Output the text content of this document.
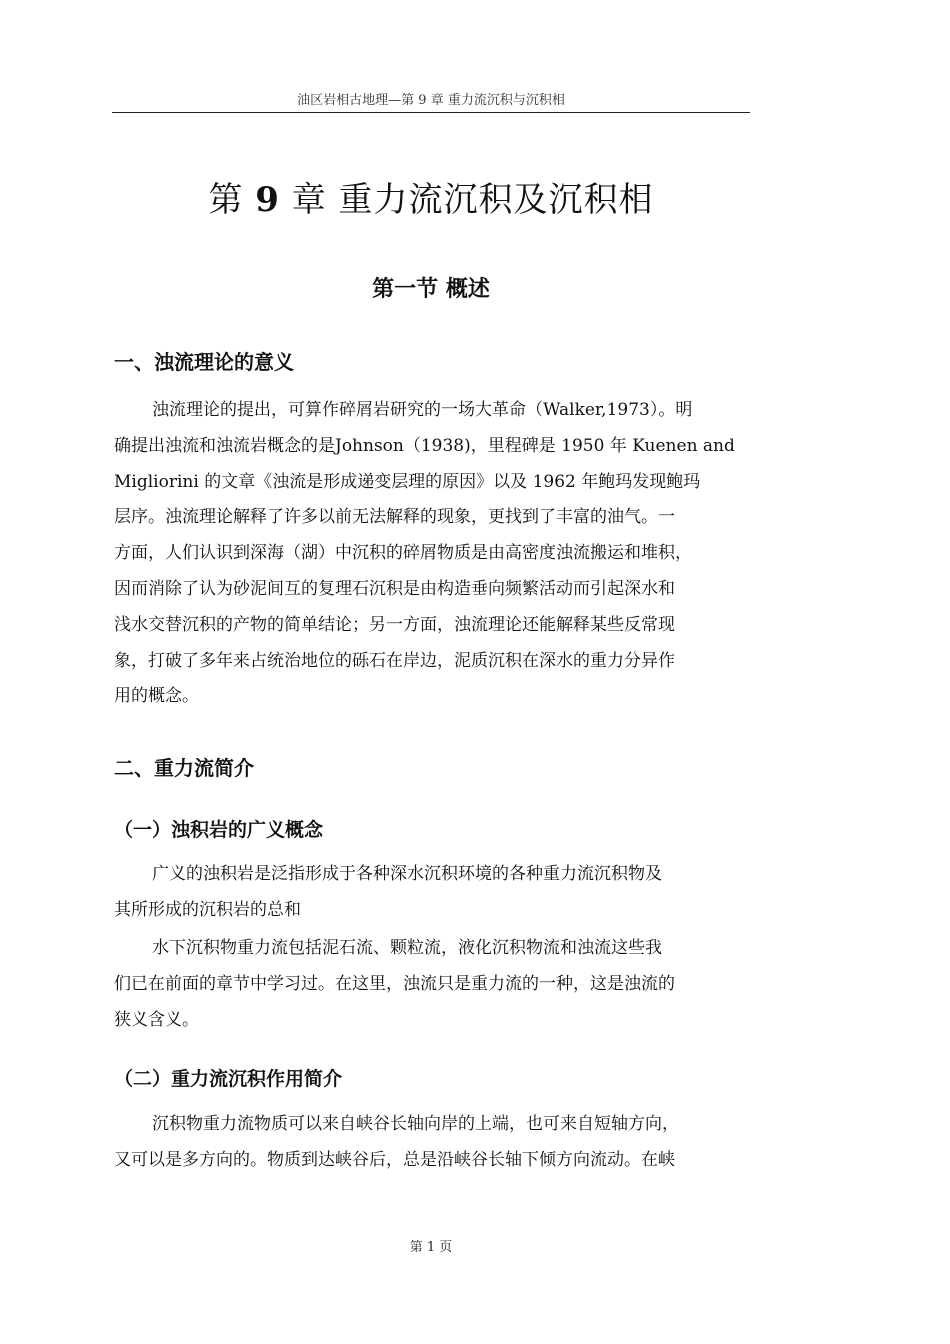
油区岩相古地理—第 9 章 重力流沉积与沉积相
第 9 章 重力流沉积及沉积相
第一节 概述
一、浊流理论的意义
浊流理论的提出，可算作碎屑岩研究的一场大革命（Walker,1973）。明
确提出浊流和浊流岩概念的是Johnson（1938)，里程碑是 1950 年 Kuenen and
Migliorini 的文章《浊流是形成递变层理的原因》以及 1962 年鲍玛发现鲍玛
层序。浊流理论解释了许多以前无法解释的现象，更找到了丰富的油气。一
方面，人们认识到深海（湖）中沉积的碎屑物质是由高密度浊流搬运和堆积，
因而消除了认为砂泥间互的复理石沉积是由构造垂向频繁活动而引起深水和
浅水交替沉积的产物的简单结论；另一方面，浊流理论还能解释某些反常现
象，打破了多年来占统治地位的砾石在岸边，泥质沉积在深水的重力分异作
用的概念。
二、重力流简介
（一）浊积岩的广义概念
广义的浊积岩是泛指形成于各种深水沉积环境的各种重力流沉积物及
其所形成的沉积岩的总和
水下沉积物重力流包括泥石流、颗粒流，液化沉积物流和浊流这些我
们已在前面的章节中学习过。在这里，浊流只是重力流的一种，这是浊流的
狭义含义。
（二）重力流沉积作用简介
沉积物重力流物质可以来自峡谷长轴向岸的上端，也可来自短轴方向，
又可以是多方向的。物质到达峡谷后，总是沿峡谷长轴下倾方向流动。在峡
第 1 页
